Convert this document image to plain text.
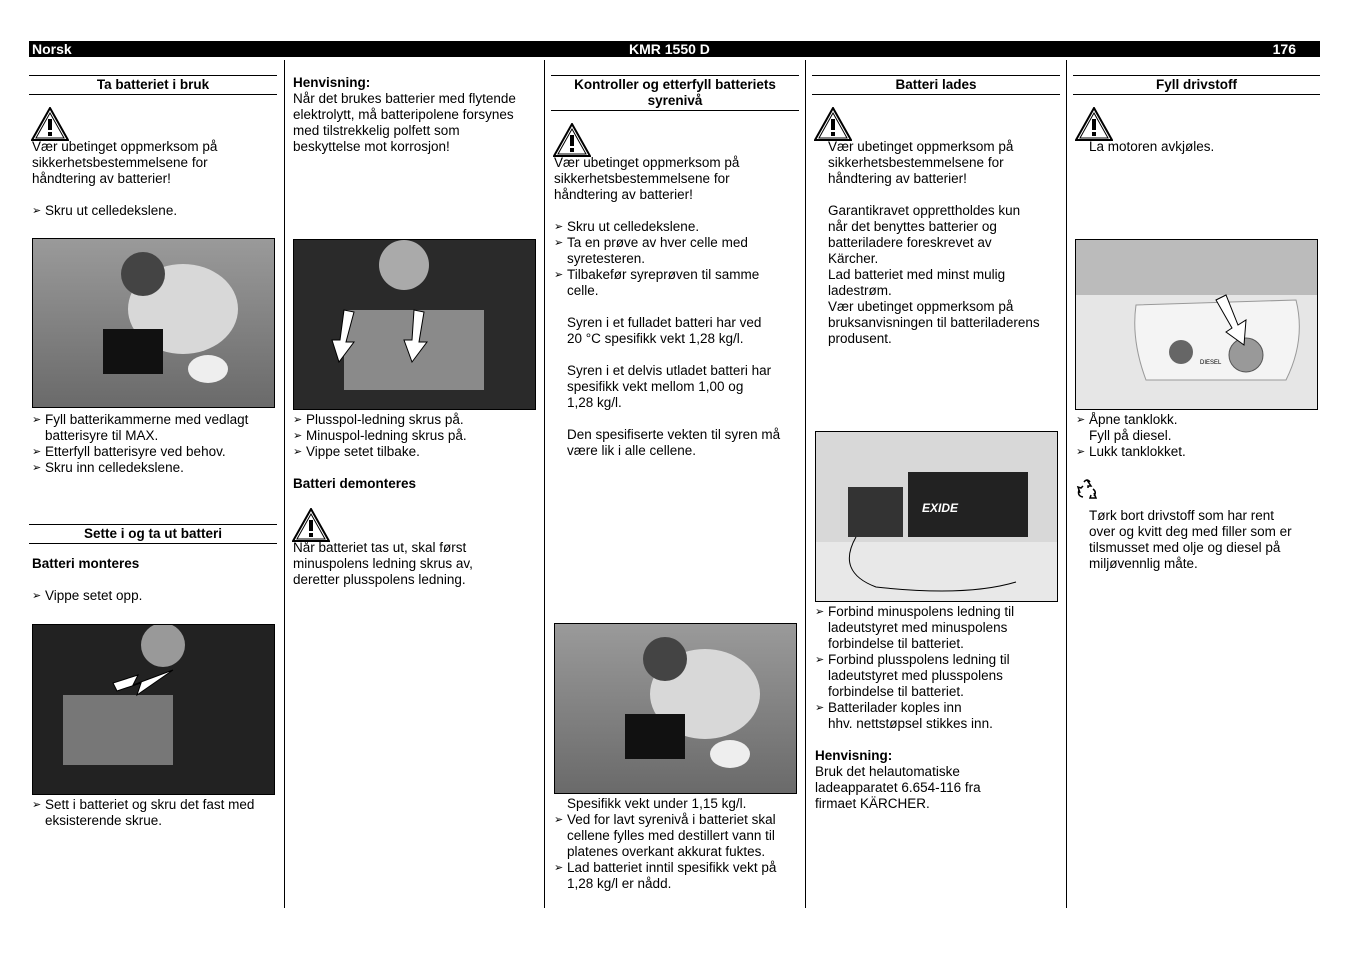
Norsk	KMR 1550 D	176
Ta batteriet i bruk
Vær ubetinget oppmerksom på
sikkerhetsbestemmelsene for
håndtering av batterier!
➢ Skru ut celledekslene.
➢ Fyll batterikammerne med vedlagt
batterisyre til MAX.
➢ Etterfyll batterisyre ved behov.
➢ Skru inn celledekslene.
Sette i og ta ut batteri
Batteri monteres
➢ Vippe setet opp.
➢ Sett i batteriet og skru det fast med
eksisterende skrue.
Henvisning:
Når det brukes batterier med flytende
elektrolytt, må batteripolene forsynes
med tilstrekkelig polfett som
beskyttelse mot korrosjon!
➢ Plusspol-ledning skrus på.
➢ Minuspol-ledning skrus på.
➢ Vippe setet tilbake.
Batteri demonteres
Når batteriet tas ut, skal først
minuspolens ledning skrus av,
deretter plusspolens ledning.
Kontroller og etterfyll batteriets
syrenivå
Vær ubetinget oppmerksom på
sikkerhetsbestemmelsene for
håndtering av batterier!
➢ Skru ut celledekslene.
➢ Ta en prøve av hver celle med
syretesteren.
➢ Tilbakefør syreprøven til samme
celle.
Syren i et fulladet batteri har ved
20 °C spesifikk vekt 1,28 kg/l.
Syren i et delvis utladet batteri har
spesifikk vekt mellom 1,00 og
1,28 kg/l.
Den spesifiserte vekten til syren må
være lik i alle cellene.
Spesifikk vekt under 1,15 kg/l.
➢ Ved for lavt syrenivå i batteriet skal
cellene fylles med destillert vann til
platenes overkant akkurat fuktes.
➢ Lad batteriet inntil spesifikk vekt på
1,28 kg/l er nådd.
Batteri lades
Vær ubetinget oppmerksom på
sikkerhetsbestemmelsene for
håndtering av batterier!
Garantikravet opprettholdes kun
når det benyttes batterier og
batteriladere foreskrevet av
Kärcher.
Lad batteriet med minst mulig
ladestrøm.
Vær ubetinget oppmerksom på
bruksanvisningen til batteriladerens
produsent.
EXIDE
➢ Forbind minuspolens ledning til
ladeutstyret med minuspolens
forbindelse til batteriet.
➢ Forbind plusspolens ledning til
ladeutstyret med plusspolens
forbindelse til batteriet.
➢ Batterilader koples inn
hhv. nettstøpsel stikkes inn.
Henvisning:
Bruk det helautomatiske
ladeapparatet 6.654-116 fra
firmaet KÄRCHER.
Fyll drivstoff
La motoren avkjøles.
DIESEL
➢ Åpne tanklokk.
Fyll på diesel.
➢ Lukk tanklokket.
Tørk bort drivstoff som har rent
over og kvitt deg med filler som er
tilsmusset med olje og diesel på
miljøvennlig måte.
